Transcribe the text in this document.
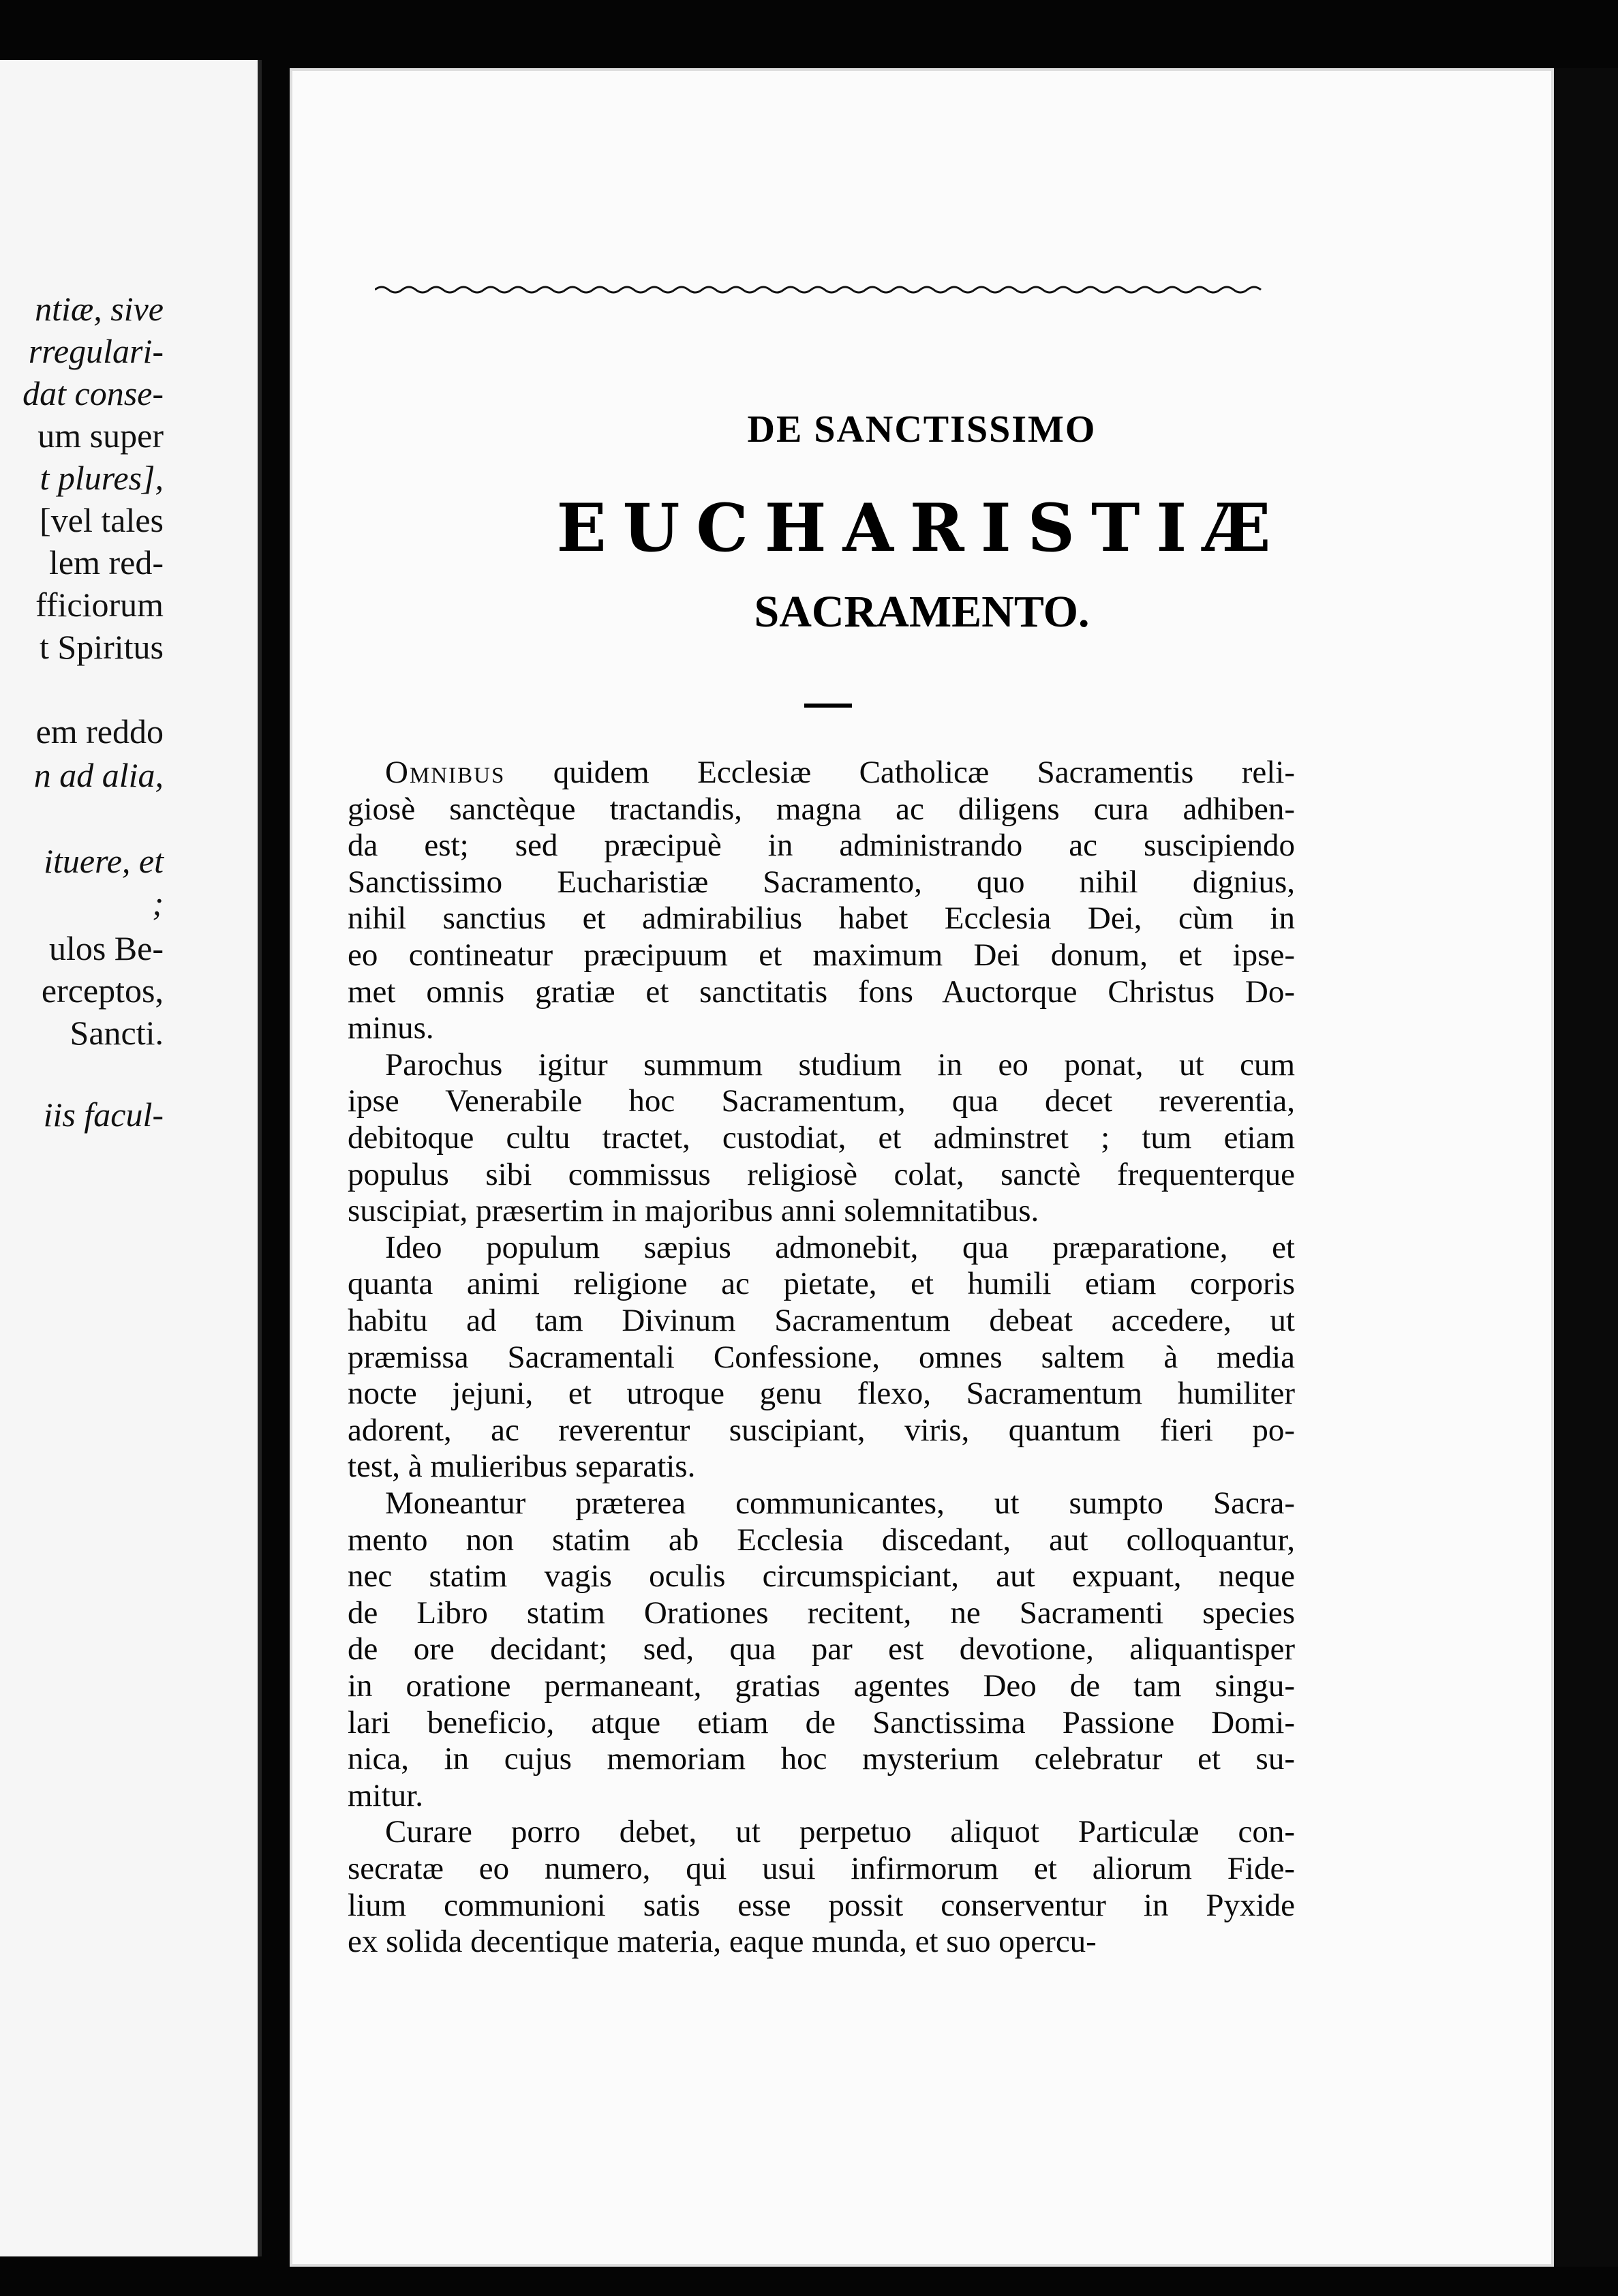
ntiæ, sive
rregulari-
dat conse-
um super
t plures],
[vel tales
lem red-
fficiorum
t Spiritus
em reddo
n ad alia,
ituere, et
;
ulos Be-
erceptos,
Sancti.
iis facul-
DE SANCTISSIMO
EUCHARISTIÆ
SACRAMENTO.
Omnibus quidem Ecclesiæ Catholicæ Sacramentis reli-
giosè sanctèque tractandis, magna ac diligens cura adhiben-
da est; sed præcipuè in administrando ac suscipiendo
Sanctissimo Eucharistiæ Sacramento, quo nihil dignius,
nihil sanctius et admirabilius habet Ecclesia Dei, cùm in
eo contineatur præcipuum et maximum Dei donum, et ipse-
met omnis gratiæ et sanctitatis fons Auctorque Christus Do-
minus.
Parochus igitur summum studium in eo ponat, ut cum
ipse Venerabile hoc Sacramentum, qua decet reverentia,
debitoque cultu tractet, custodiat, et adminstret ; tum etiam
populus sibi commissus religiosè colat, sanctè frequenterque
suscipiat, præsertim in majoribus anni solemnitatibus.
Ideo populum sæpius admonebit, qua præparatione, et
quanta animi religione ac pietate, et humili etiam corporis
habitu ad tam Divinum Sacramentum debeat accedere, ut
præmissa Sacramentali Confessione, omnes saltem à media
nocte jejuni, et utroque genu flexo, Sacramentum humiliter
adorent, ac reverentur suscipiant, viris, quantum fieri po-
test, à mulieribus separatis.
Moneantur præterea communicantes, ut sumpto Sacra-
mento non statim ab Ecclesia discedant, aut colloquantur,
nec statim vagis oculis circumspiciant, aut expuant, neque
de Libro statim Orationes recitent, ne Sacramenti species
de ore decidant; sed, qua par est devotione, aliquantisper
in oratione permaneant, gratias agentes Deo de tam singu-
lari beneficio, atque etiam de Sanctissima Passione Domi-
nica, in cujus memoriam hoc mysterium celebratur et su-
mitur.
Curare porro debet, ut perpetuo aliquot Particulæ con-
secratæ eo numero, qui usui infirmorum et aliorum Fide-
lium communioni satis esse possit conserventur in Pyxide
ex solida decentique materia, eaque munda, et suo opercu-
